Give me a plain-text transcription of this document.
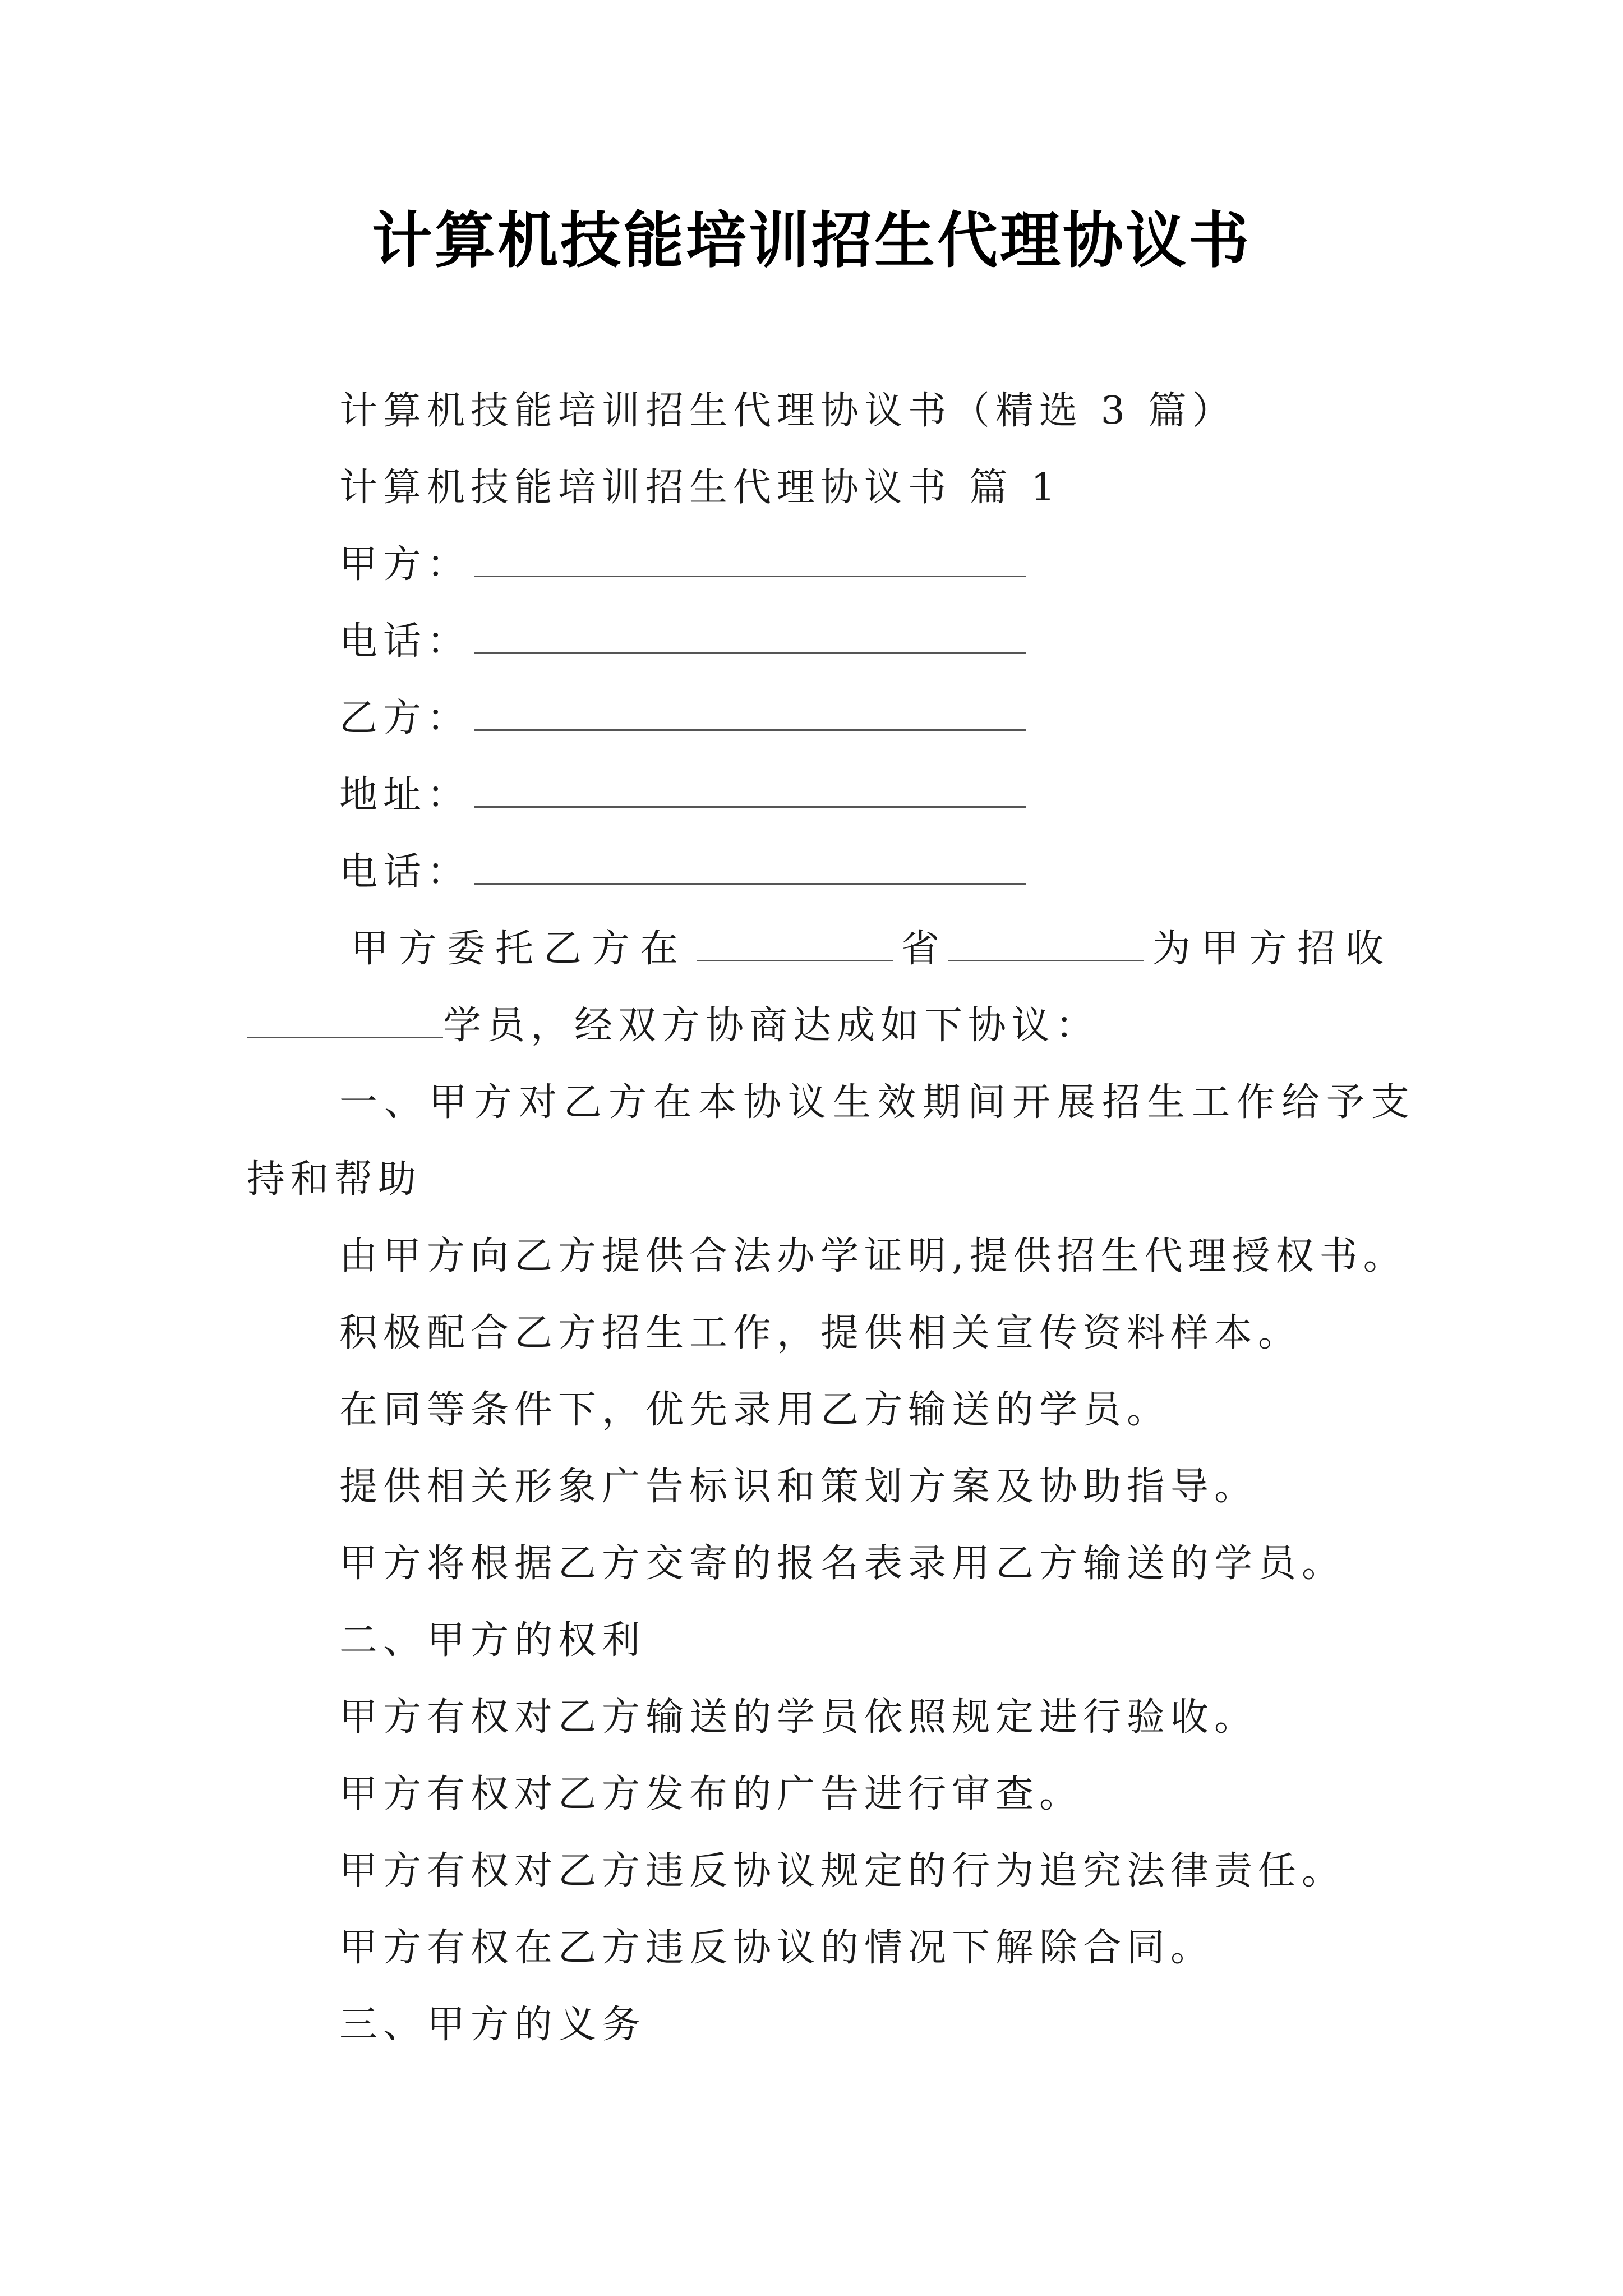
计算机技能培训招生代理协议书
计算机技能培训招生代理协议书（精选 3 篇）
计算机技能培训招生代理协议书 篇 1
甲方：
电话：
乙方：
地址：
电话：
甲方委托乙方在	省	为甲方招收
学员，经双方协商达成如下协议：
一、甲方对乙方在本协议生效期间开展招生工作给予支
持和帮助
由甲方向乙方提供合法办学证明,提供招生代理授权书。
积极配合乙方招生工作，提供相关宣传资料样本。
在同等条件下，优先录用乙方输送的学员。
提供相关形象广告标识和策划方案及协助指导。
甲方将根据乙方交寄的报名表录用乙方输送的学员。
二、甲方的权利
甲方有权对乙方输送的学员依照规定进行验收。
甲方有权对乙方发布的广告进行审查。
甲方有权对乙方违反协议规定的行为追究法律责任。
甲方有权在乙方违反协议的情况下解除合同。
三、甲方的义务
